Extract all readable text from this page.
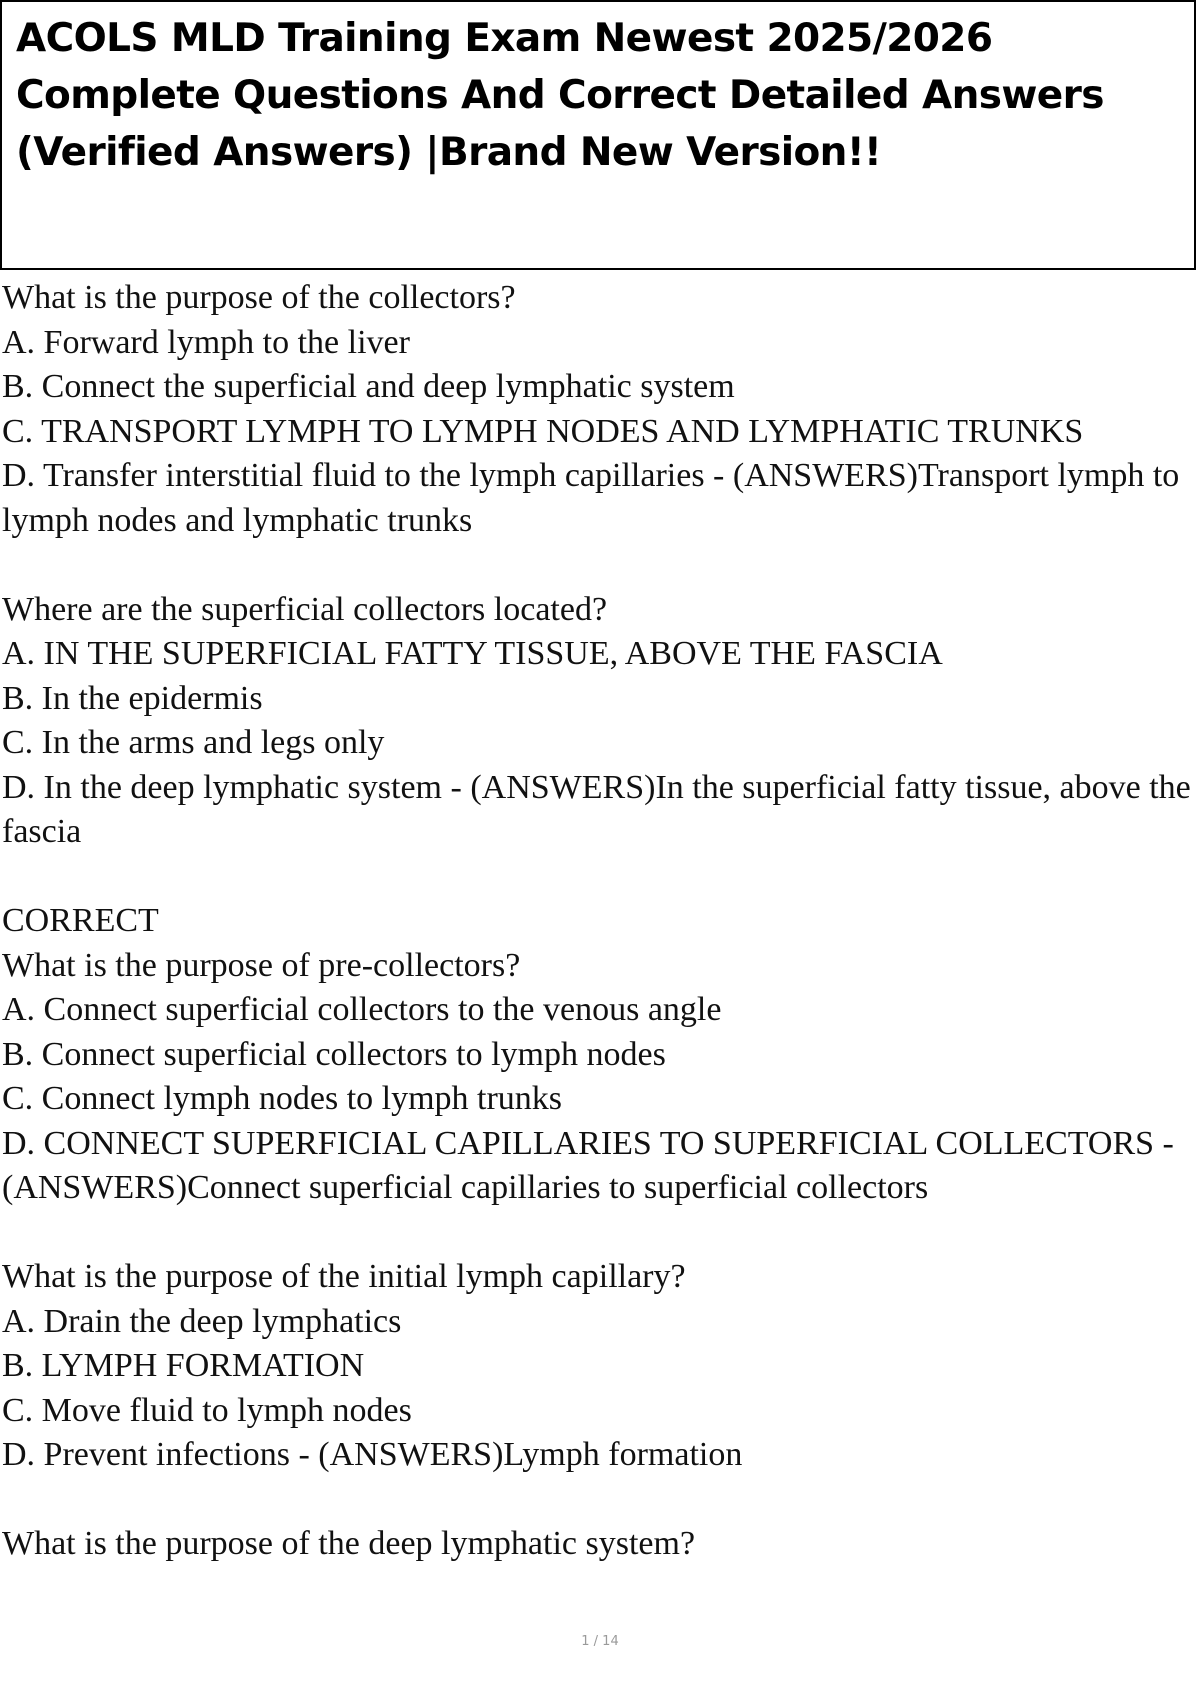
ACOLS MLD Training Exam Newest 2025/2026 Complete Questions And Correct Detailed Answers (Verified Answers) |Brand New Version!!
What is the purpose of the collectors?
A. Forward lymph to the liver
B. Connect the superficial and deep lymphatic system
C. TRANSPORT LYMPH TO LYMPH NODES AND LYMPHATIC TRUNKS
D. Transfer interstitial fluid to the lymph capillaries - (ANSWERS)Transport lymph to lymph nodes and lymphatic trunks
Where are the superficial collectors located?
A. IN THE SUPERFICIAL FATTY TISSUE, ABOVE THE FASCIA
B. In the epidermis
C. In the arms and legs only
D. In the deep lymphatic system - (ANSWERS)In the superficial fatty tissue, above the fascia
CORRECT
What is the purpose of pre-collectors?
A. Connect superficial collectors to the venous angle
B. Connect superficial collectors to lymph nodes
C. Connect lymph nodes to lymph trunks
D. CONNECT SUPERFICIAL CAPILLARIES TO SUPERFICIAL COLLECTORS - (ANSWERS)Connect superficial capillaries to superficial collectors
What is the purpose of the initial lymph capillary?
A. Drain the deep lymphatics
B. LYMPH FORMATION
C. Move fluid to lymph nodes
D. Prevent infections - (ANSWERS)Lymph formation
What is the purpose of the deep lymphatic system?
1 / 14
